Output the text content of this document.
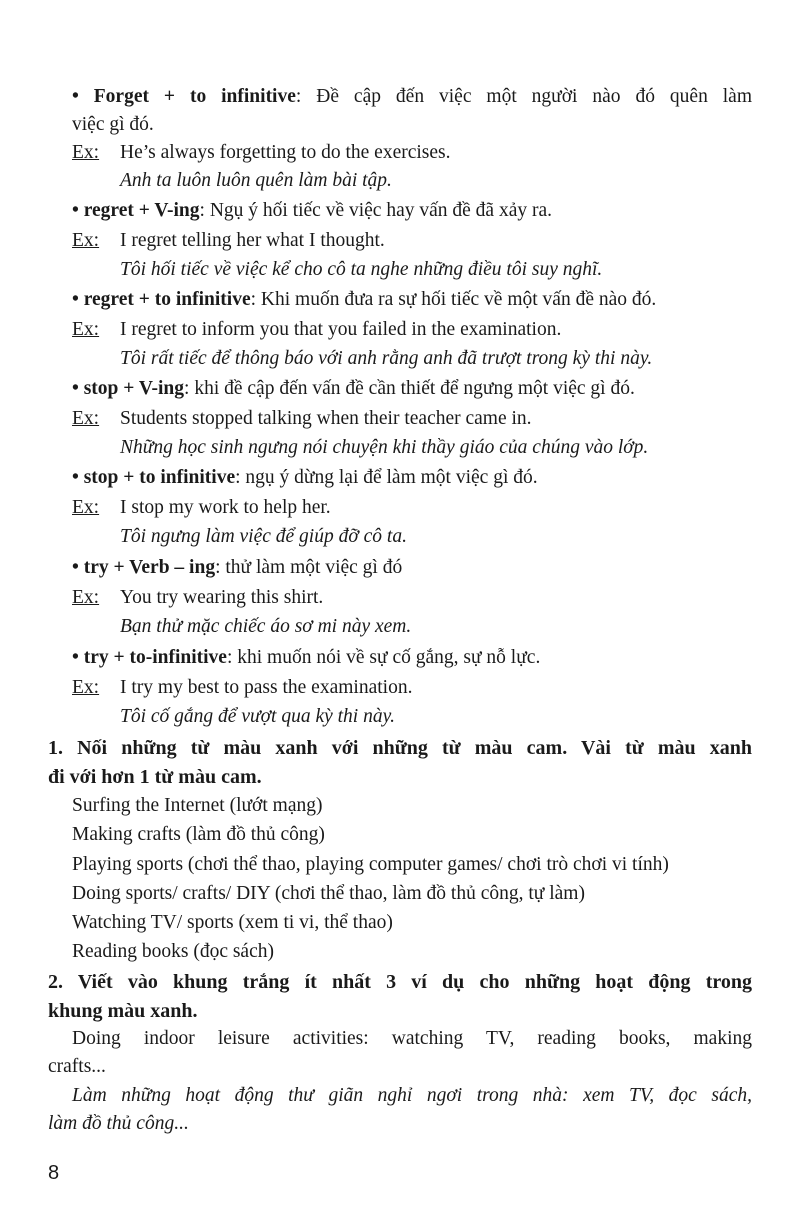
• Forget + to infinitive: Đề cập đến việc một người nào đó quên làm
việc gì đó.
Ex: He’s always forgetting to do the exercises.
Anh ta luôn luôn quên làm bài tập.
• regret + V-ing: Ngụ ý hối tiếc về việc hay vấn đề đã xảy ra.
Ex: I regret telling her what I thought.
Tôi hối tiếc về việc kể cho cô ta nghe những điều tôi suy nghĩ.
• regret + to infinitive: Khi muốn đưa ra sự hối tiếc về một vấn đề nào đó.
Ex: I regret to inform you that you failed in the examination.
Tôi rất tiếc để thông báo với anh rằng anh đã trượt trong kỳ thi này.
• stop + V-ing: khi đề cập đến vấn đề cần thiết để ngưng một việc gì đó.
Ex: Students stopped talking when their teacher came in.
Những học sinh ngưng nói chuyện khi thầy giáo của chúng vào lớp.
• stop + to infinitive: ngụ ý dừng lại để làm một việc gì đó.
Ex: I stop my work to help her.
Tôi ngưng làm việc để giúp đỡ cô ta.
• try + Verb – ing: thử làm một việc gì đó
Ex: You try wearing this shirt.
Bạn thử mặc chiếc áo sơ mi này xem.
• try + to-infinitive: khi muốn nói về sự cố gắng, sự nỗ lực.
Ex: I try my best to pass the examination.
Tôi cố gắng để vượt qua kỳ thi này.
1. Nối những từ màu xanh với những từ màu cam. Vài từ màu xanh
đi với hơn 1 từ màu cam.
Surfing the Internet (lướt mạng)
Making crafts (làm đồ thủ công)
Playing sports (chơi thể thao, playing computer games/ chơi trò chơi vi tính)
Doing sports/ crafts/ DIY (chơi thể thao, làm đồ thủ công, tự làm)
Watching TV/ sports (xem ti vi, thể thao)
Reading books (đọc sách)
2. Viết vào khung trắng ít nhất 3 ví dụ cho những hoạt động trong
khung màu xanh.
Doing indoor leisure activities: watching TV, reading books, making
crafts...
Làm những hoạt động thư giãn nghỉ ngơi trong nhà: xem TV, đọc sách,
làm đồ thủ công...
8
